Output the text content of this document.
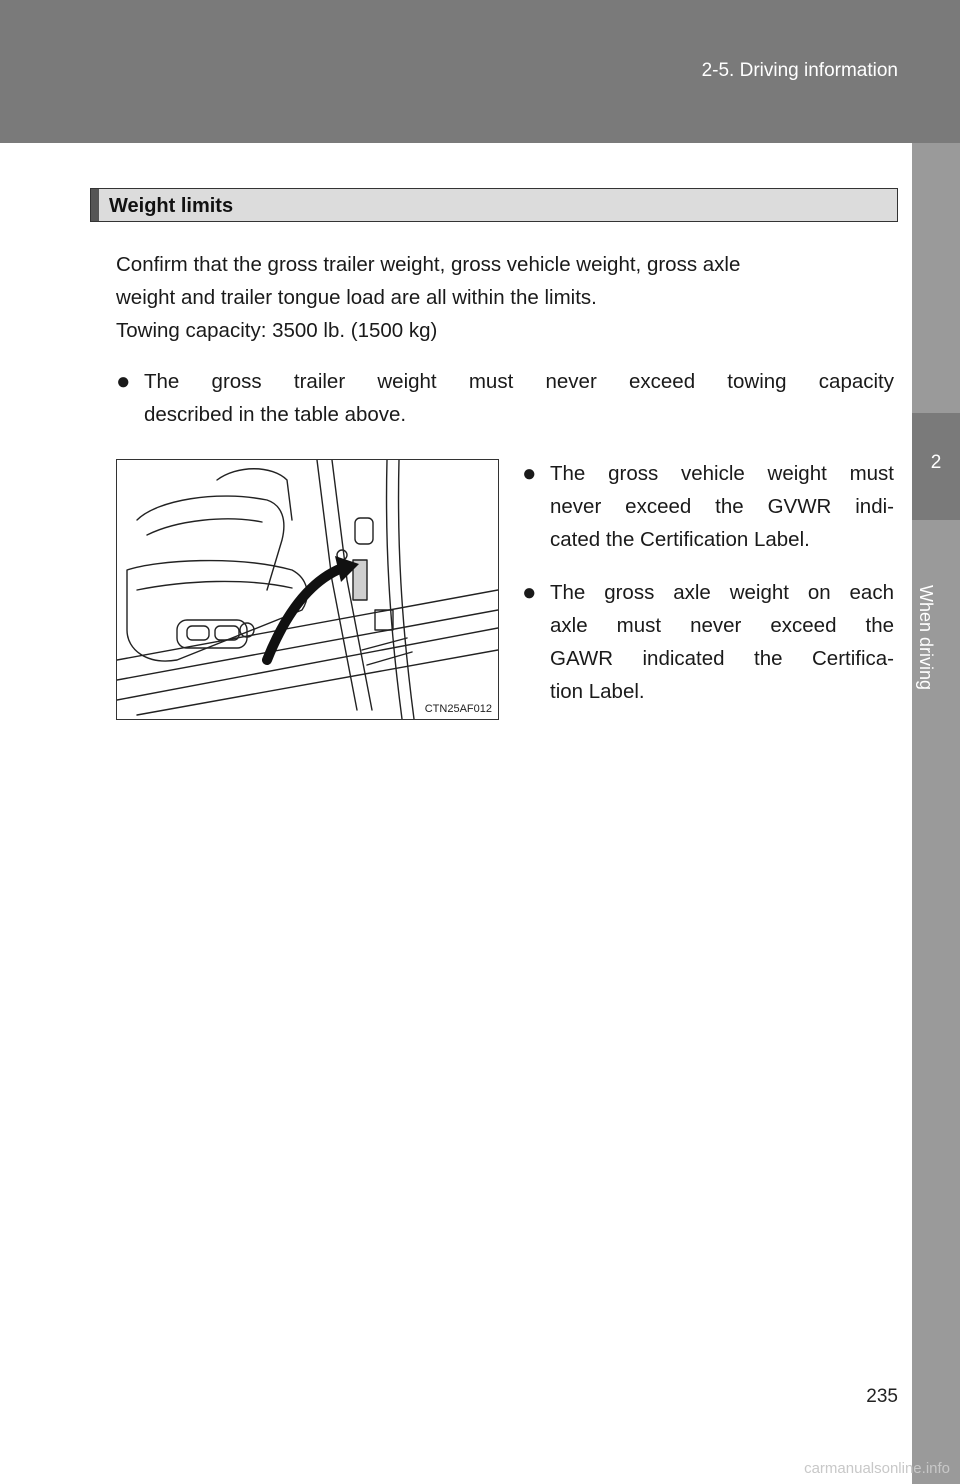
2-5. Driving information
2
When driving
Weight limits
Confirm that the gross trailer weight, gross vehicle weight, gross axle
weight and trailer tongue load are all within the limits.
Towing capacity: 3500 lb. (1500 kg)
● The gross trailer weight must never exceed towing capacity
described in the table above.
CTN25AF012
● The gross vehicle weight must
never exceed the GVWR indi-
cated the Certification Label.
● The gross axle weight on each
axle must never exceed the
GAWR indicated the Certifica-
tion Label.
235
carmanualsonline.info
